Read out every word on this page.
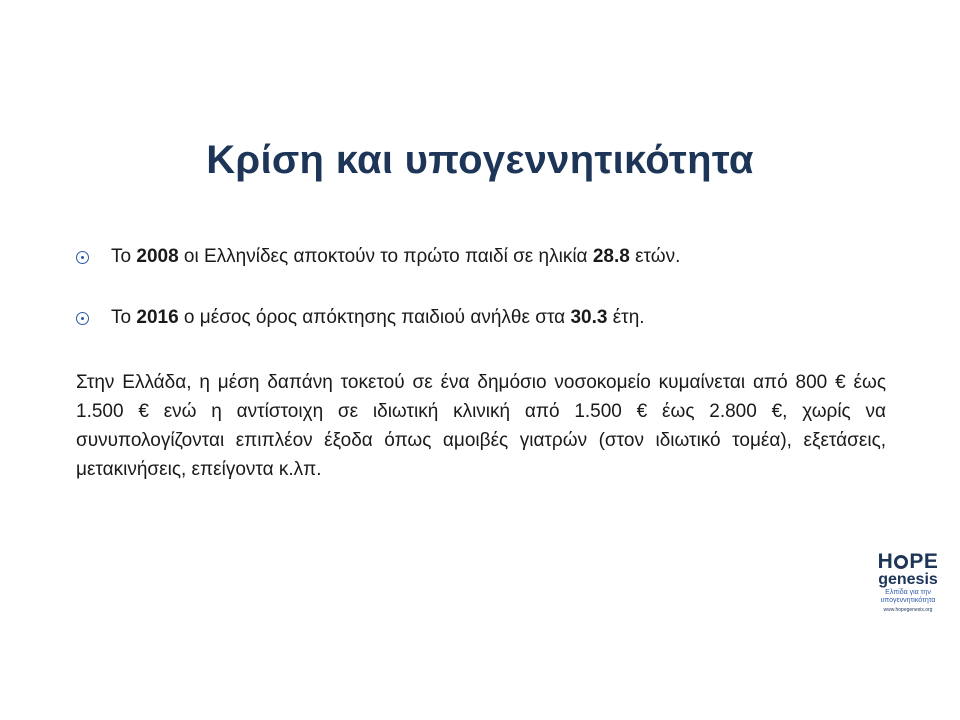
Κρίση και υπογεννητικότητα
Το 2008 οι Ελληνίδες αποκτούν το πρώτο παιδί σε ηλικία 28.8 ετών.
Το 2016 ο μέσος όρος απόκτησης παιδιού ανήλθε στα 30.3 έτη.
Στην Ελλάδα, η μέση δαπάνη τοκετού σε ένα δημόσιο νοσοκομείο κυμαίνεται από 800 € έως 1.500 € ενώ η αντίστοιχη σε ιδιωτική κλινική από 1.500 € έως 2.800 €, χωρίς να συνυπολογίζονται επιπλέον έξοδα όπως αμοιβές γιατρών (στον ιδιωτικό τομέα), εξετάσεις, μετακινήσεις, επείγοντα κ.λπ.
H PE
genesis
Ελπίδα για την
υπογεννητικότητα
www.hopegenesis.org
